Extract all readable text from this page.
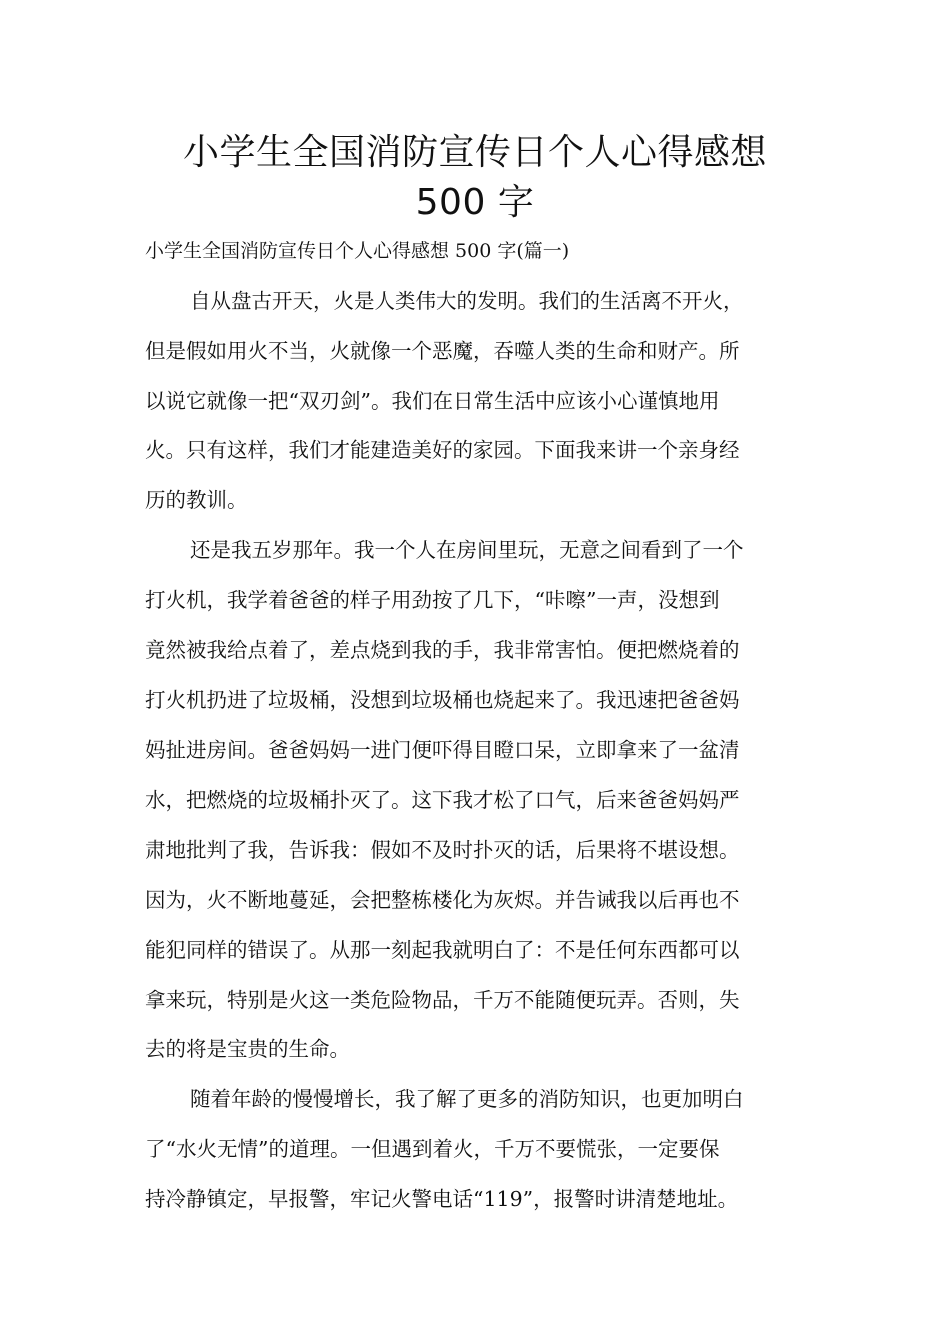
小学生全国消防宣传日个人心得感想
500 字

小学生全国消防宣传日个人心得感想 500 字(篇一)

自从盘古开天，火是人类伟大的发明。我们的生活离不开火，

但是假如用火不当，火就像一个恶魔，吞噬人类的生命和财产。所

以说它就像一把“双刃剑”。我们在日常生活中应该小心谨慎地用

火。只有这样，我们才能建造美好的家园。下面我来讲一个亲身经

历的教训。

还是我五岁那年。我一个人在房间里玩，无意之间看到了一个

打火机，我学着爸爸的样子用劲按了几下，“咔嚓”一声，没想到

竟然被我给点着了，差点烧到我的手，我非常害怕。便把燃烧着的

打火机扔进了垃圾桶，没想到垃圾桶也烧起来了。我迅速把爸爸妈

妈扯进房间。爸爸妈妈一进门便吓得目瞪口呆，立即拿来了一盆清

水，把燃烧的垃圾桶扑灭了。这下我才松了口气，后来爸爸妈妈严

肃地批判了我，告诉我：假如不及时扑灭的话，后果将不堪设想。

因为，火不断地蔓延，会把整栋楼化为灰烬。并告诫我以后再也不

能犯同样的错误了。从那一刻起我就明白了：不是任何东西都可以

拿来玩，特别是火这一类危险物品，千万不能随便玩弄。否则，失

去的将是宝贵的生命。

随着年龄的慢慢增长，我了解了更多的消防知识，也更加明白

了“水火无情”的道理。一但遇到着火，千万不要慌张，一定要保

持冷静镇定，早报警，牢记火警电话“119”，报警时讲清楚地址。
